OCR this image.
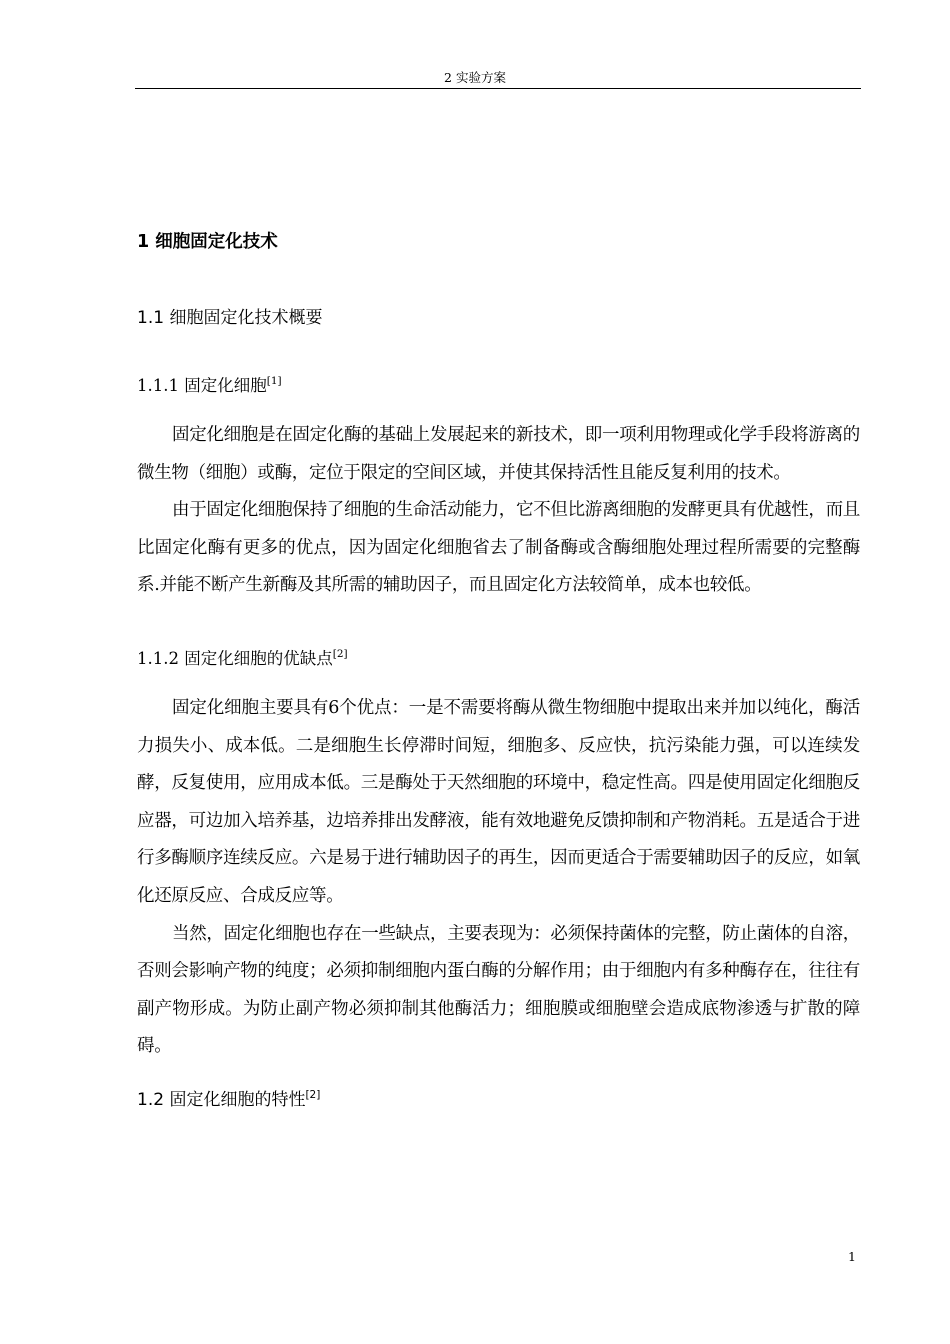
2 实验方案
1 细胞固定化技术
1.1 细胞固定化技术概要
1.1.1 固定化细胞[1]

固定化细胞是在固定化酶的基础上发展起来的新技术，即一项利用物理或化学手段将游离的微生物（细胞）或酶，定位于限定的空间区域，并使其保持活性且能反复利用的技术。

由于固定化细胞保持了细胞的生命活动能力，它不但比游离细胞的发酵更具有优越性，而且比固定化酶有更多的优点，因为固定化细胞省去了制备酶或含酶细胞处理过程所需要的完整酶系.并能不断产生新酶及其所需的辅助因子，而且固定化方法较简单，成本也较低。

1.1.2 固定化细胞的优缺点[2]

固定化细胞主要具有6个优点：一是不需要将酶从微生物细胞中提取出来并加以纯化，酶活力损失小、成本低。二是细胞生长停滞时间短，细胞多、反应快，抗污染能力强，可以连续发酵，反复使用，应用成本低。三是酶处于天然细胞的环境中，稳定性高。四是使用固定化细胞反应器，可边加入培养基，边培养排出发酵液，能有效地避免反馈抑制和产物消耗。五是适合于进行多酶顺序连续反应。六是易于进行辅助因子的再生，因而更适合于需要辅助因子的反应，如氧化还原反应、合成反应等。

当然，固定化细胞也存在一些缺点，主要表现为：必须保持菌体的完整，防止菌体的自溶，否则会影响产物的纯度；必须抑制细胞内蛋白酶的分解作用；由于细胞内有多种酶存在，往往有副产物形成。为防止副产物必须抑制其他酶活力；细胞膜或细胞壁会造成底物渗透与扩散的障碍。

1.2 固定化细胞的特性[2]
1
